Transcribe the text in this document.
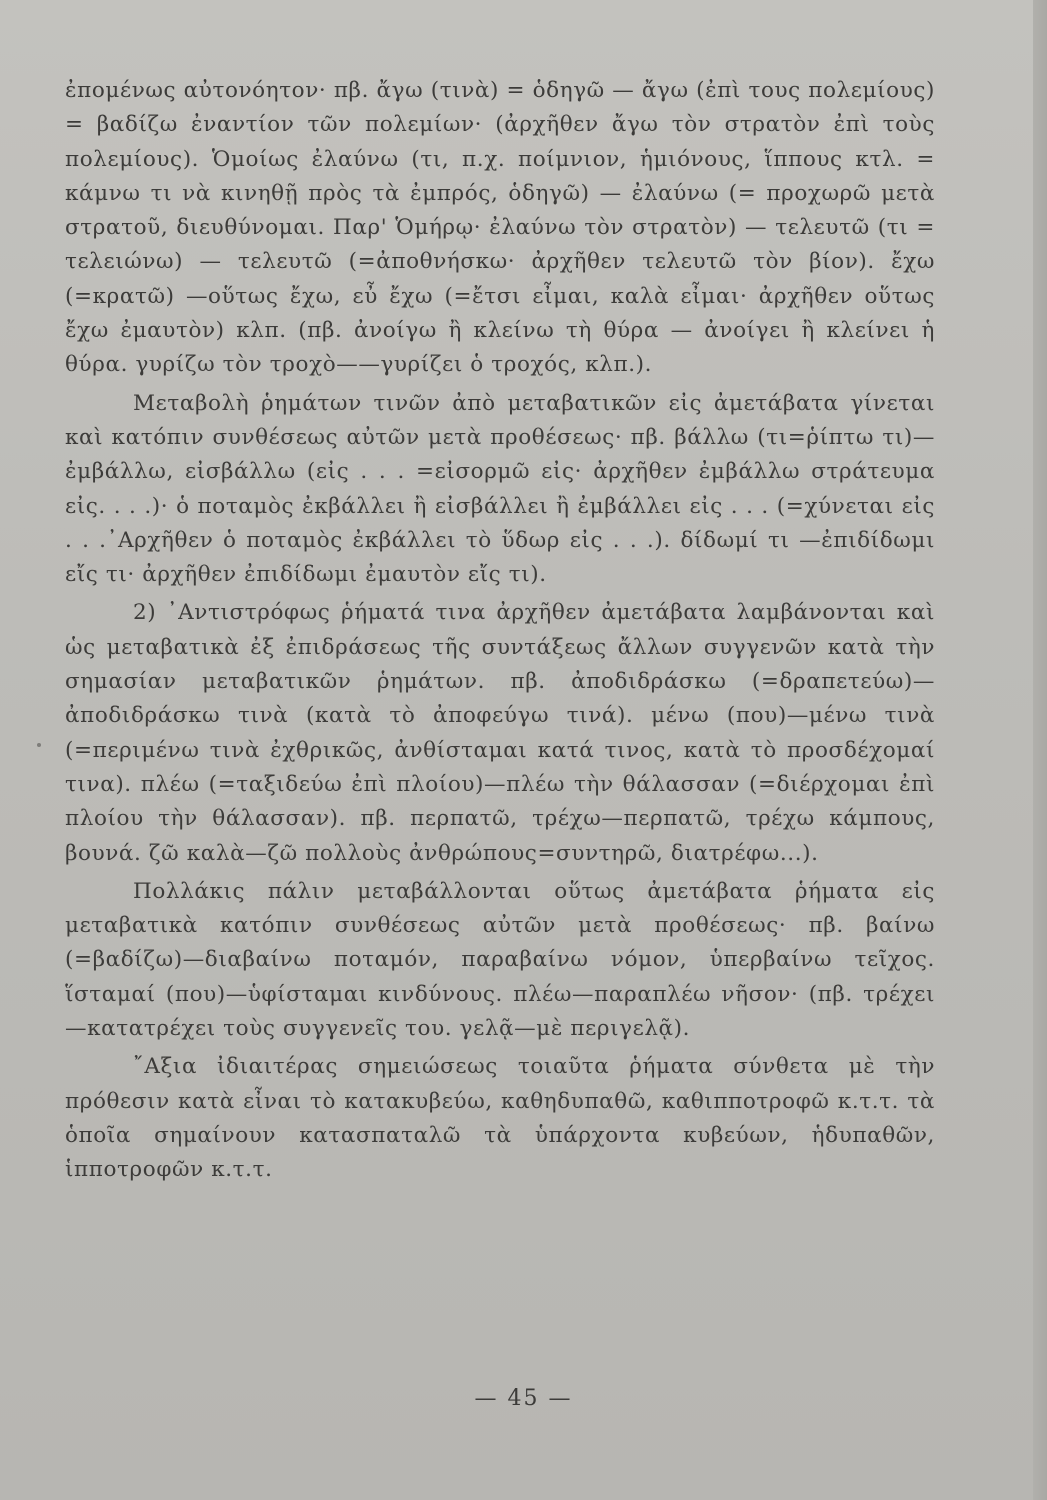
ἐπομένως αὐτονόητον· πβ. ἄγω (τινὰ) = ὁδηγῶ — ἄγω (ἐπὶ τους πολεμίους) = βαδίζω ἐναντίον τῶν πολεμίων· (ἀρχῆθεν ἄγω τὸν στρατὸν ἐπὶ τοὺς πολεμίους). Ὁμοίως ἐλαύνω (τι, π.χ. ποίμνιον, ἡμιόνους, ἵππους κτλ. = κάμνω τι νὰ κινηθῇ πρὸς τὰ ἐμπρός, ὁδηγῶ) — ἐλαύνω (= προχωρῶ μετὰ στρατοῦ, διευθύνομαι. Παρ' Ὁμήρῳ· ἐλαύνω τὸν στρατὸν) — τελευτῶ (τι = τελειώνω) — τελευτῶ (=ἀποθνήσκω· ἀρχῆθεν τελευτῶ τὸν βίον). ἔχω (=κρατῶ) —οὕτως ἔχω, εὖ ἔχω (=ἔτσι εἶμαι, καλὰ εἶμαι· ἀρχῆθεν οὕτως ἔχω ἐμαυτὸν) κλπ. (πβ. ἀνοίγω ἢ κλείνω τὴ θύρα — ἀνοίγει ἢ κλείνει ἡ θύρα. γυρίζω τὸν τροχὸ——γυρίζει ὁ τροχός, κλπ.).

Μεταβολὴ ῥημάτων τινῶν ἀπὸ μεταβατικῶν εἰς ἀμετάβατα γίνεται καὶ κατόπιν συνθέσεως αὐτῶν μετὰ προθέσεως· πβ. βάλλω (τι=ῥίπτω τι)—ἐμβάλλω, εἰσβάλλω (εἰς . . . =εἰσορμῶ εἰς· ἀρχῆθεν ἐμβάλλω στράτευμα εἰς. . . .)· ὁ ποταμὸς ἐκβάλλει ἢ εἰσβάλλει ἢ ἐμβάλλει εἰς . . . (=χύνεται εἰς . . .᾿Αρχῆθεν ὁ ποταμὸς ἐκβάλλει τὸ ὕδωρ εἰς . . .). δίδωμί τι —ἐπιδίδωμι εἴς τι· ἀρχῆθεν ἐπιδίδωμι ἐμαυτὸν εἴς τι).

2) ᾿Αντιστρόφως ῥήματά τινα ἀρχῆθεν ἀμετάβατα λαμβάνονται καὶ ὡς μεταβατικὰ ἐξ ἐπιδράσεως τῆς συντάξεως ἄλλων συγγενῶν κατὰ τὴν σημασίαν μεταβατικῶν ῥημάτων. πβ. ἀποδιδράσκω (=δραπετεύω)—ἀποδιδράσκω τινὰ (κατὰ τὸ ἀποφεύγω τινά). μένω (που)—μένω τινὰ (=περιμένω τινὰ ἐχθρικῶς, ἀνθίσταμαι κατά τινος, κατὰ τὸ προσδέχομαί τινα). πλέω (=ταξιδεύω ἐπὶ πλοίου)—πλέω τὴν θάλασσαν (=διέρχομαι ἐπὶ πλοίου τὴν θάλασσαν). πβ. περπατῶ, τρέχω—περπατῶ, τρέχω κάμπους, βουνά. ζῶ καλὰ—ζῶ πολλοὺς ἀνθρώπους=συντηρῶ, διατρέφω...).

Πολλάκις πάλιν μεταβάλλονται οὕτως ἀμετάβατα ῥήματα εἰς μεταβατικὰ κατόπιν συνθέσεως αὐτῶν μετὰ προθέσεως· πβ. βαίνω (=βαδίζω)—διαβαίνω ποταμόν, παραβαίνω νόμον, ὑπερβαίνω τεῖχος. ἵσταμαί (που)—ὑφίσταμαι κινδύνους. πλέω—παραπλέω νῆσον· (πβ. τρέχει—κατατρέχει τοὺς συγγενεῖς του. γελᾷ—μὲ περιγελᾷ).

῎Αξια ἰδιαιτέρας σημειώσεως τοιαῦτα ῥήματα σύνθετα μὲ τὴν πρόθεσιν κατὰ εἶναι τὸ κατακυβεύω, καθηδυπαθῶ, καθιπποτροφῶ κ.τ.τ. τὰ ὁποῖα σημαίνουν κατασπαταλῶ τὰ ὑπάρχοντα κυβεύων, ἡδυπαθῶν, ἱπποτροφῶν κ.τ.τ.

— 45 —
